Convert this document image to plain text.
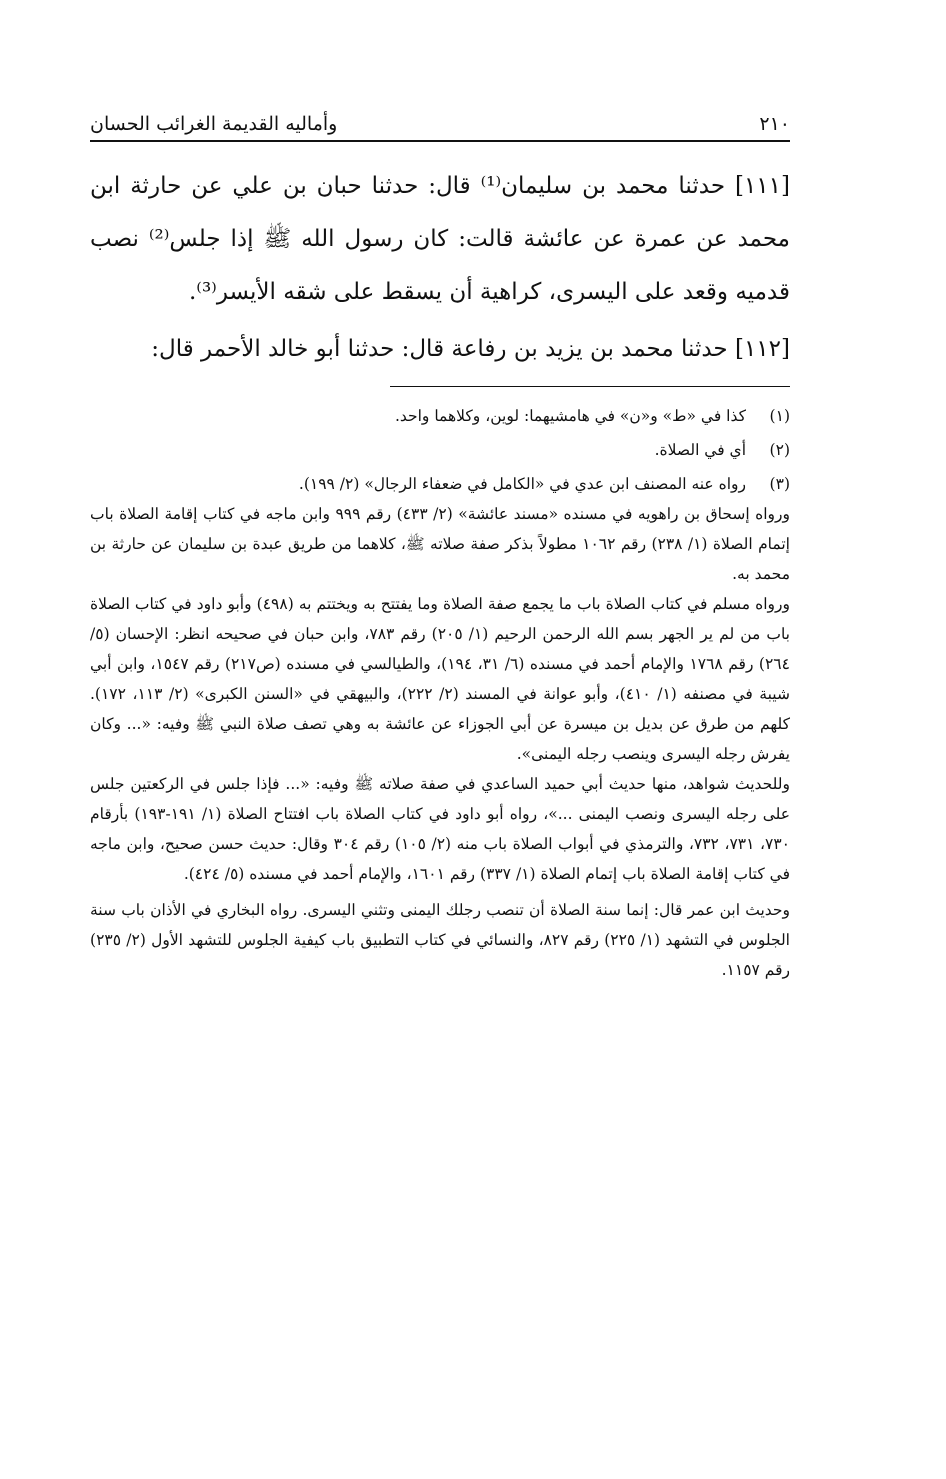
٢١٠
وأماليه القديمة الغرائب الحسان

[١١١] حدثنا محمد بن سليمان⁽¹⁾ قال: حدثنا حبان بن علي عن حارثة ابن محمد عن عمرة عن عائشة قالت: كان رسول الله ﷺ إذا جلس⁽²⁾ نصب قدميه وقعد على اليسرى، كراهية أن يسقط على شقه الأيسر⁽³⁾.

[١١٢] حدثنا محمد بن يزيد بن رفاعة قال: حدثنا أبو خالد الأحمر قال:

(١)
كذا في «ط» و«ن» في هامشيهما: لوين، وكلاهما واحد.
(٢)
أي في الصلاة.
(٣)
رواه عنه المصنف ابن عدي في «الكامل في ضعفاء الرجال» (٢/ ١٩٩).

ورواه إسحاق بن راهويه في مسنده «مسند عائشة» (٢/ ٤٣٣) رقم ٩٩٩ وابن ماجه في كتاب إقامة الصلاة باب إتمام الصلاة (١/ ٢٣٨) رقم ١٠٦٢ مطولاً بذكر صفة صلاته ﷺ، كلاهما من طريق عبدة بن سليمان عن حارثة بن محمد به.

ورواه مسلم في كتاب الصلاة باب ما يجمع صفة الصلاة وما يفتتح به ويختتم به (٤٩٨) وأبو داود في كتاب الصلاة باب من لم ير الجهر بسم الله الرحمن الرحيم (١/ ٢٠٥) رقم ٧٨٣، وابن حبان في صحيحه انظر: الإحسان (٥/ ٢٦٤) رقم ١٧٦٨ والإمام أحمد في مسنده (٦/ ٣١، ١٩٤)، والطيالسي في مسنده (ص٢١٧) رقم ١٥٤٧، وابن أبي شيبة في مصنفه (١/ ٤١٠)، وأبو عوانة في المسند (٢/ ٢٢٢)، والبيهقي في «السنن الكبرى» (٢/ ١١٣، ١٧٢). كلهم من طرق عن بديل بن ميسرة عن أبي الجوزاء عن عائشة به وهي تصف صلاة النبي ﷺ وفيه: «... وكان يفرش رجله اليسرى وينصب رجله اليمنى».

وللحديث شواهد، منها حديث أبي حميد الساعدي في صفة صلاته ﷺ وفيه: «... فإذا جلس في الركعتين جلس على رجله اليسرى ونصب اليمنى ...»، رواه أبو داود في كتاب الصلاة باب افتتاح الصلاة (١/ ١٩١-١٩٣) بأرقام ٧٣٠، ٧٣١، ٧٣٢، والترمذي في أبواب الصلاة باب منه (٢/ ١٠٥) رقم ٣٠٤ وقال: حديث حسن صحيح، وابن ماجه في كتاب إقامة الصلاة باب إتمام الصلاة (١/ ٣٣٧) رقم ١٦٠١، والإمام أحمد في مسنده (٥/ ٤٢٤).

وحديث ابن عمر قال: إنما سنة الصلاة أن تنصب رجلك اليمنى وتثني اليسرى. رواه البخاري في الأذان باب سنة الجلوس في التشهد (١/ ٢٢٥) رقم ٨٢٧، والنسائي في كتاب التطبيق باب كيفية الجلوس للتشهد الأول (٢/ ٢٣٥) رقم ١١٥٧.
